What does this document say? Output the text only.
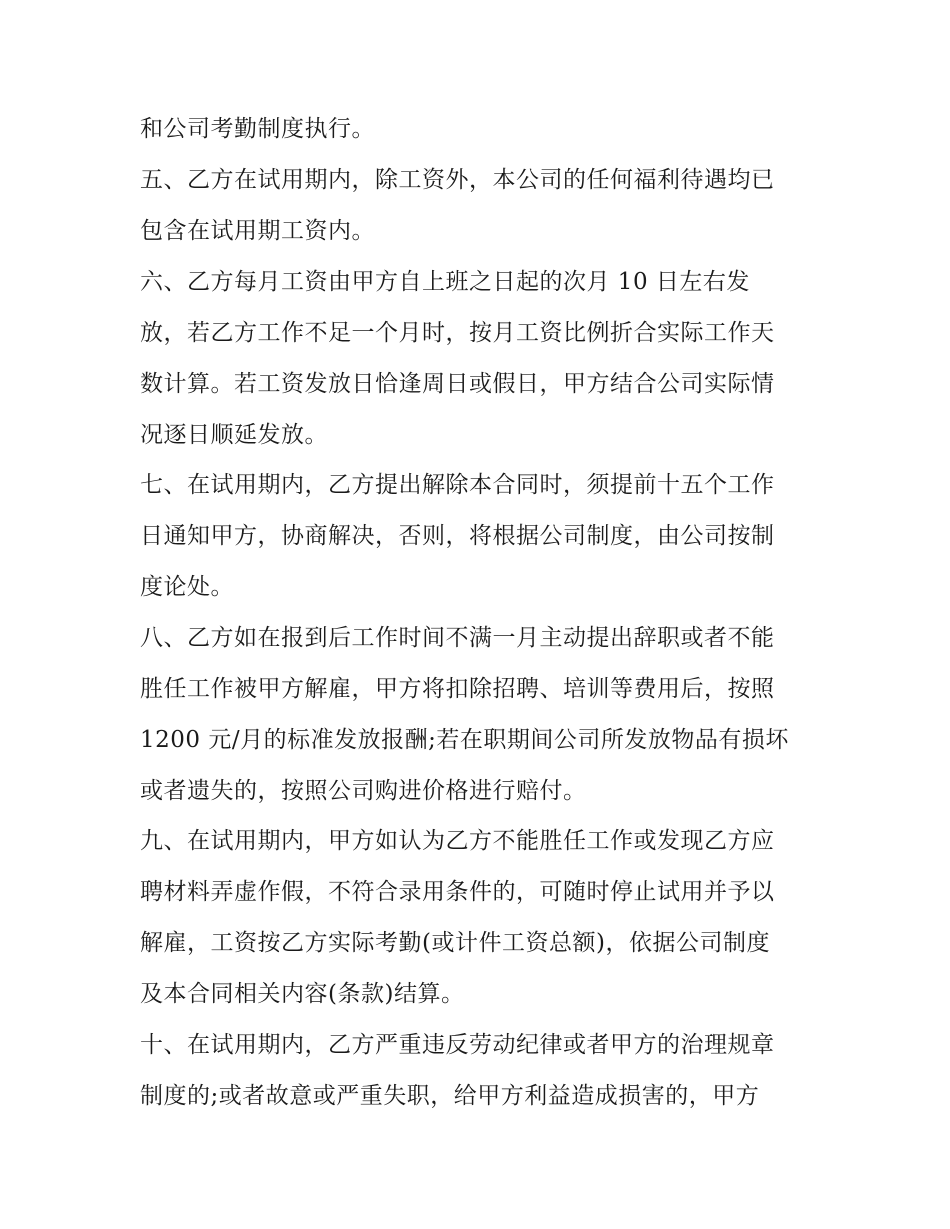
和公司考勤制度执行。

五、乙方在试用期内，除工资外，本公司的任何福利待遇均已

包含在试用期工资内。

六、乙方每月工资由甲方自上班之日起的次月 10 日左右发

放，若乙方工作不足一个月时，按月工资比例折合实际工作天

数计算。若工资发放日恰逢周日或假日，甲方结合公司实际情

况逐日顺延发放。

七、在试用期内，乙方提出解除本合同时，须提前十五个工作

日通知甲方，协商解决，否则，将根据公司制度，由公司按制

度论处。

八、乙方如在报到后工作时间不满一月主动提出辞职或者不能

胜任工作被甲方解雇，甲方将扣除招聘、培训等费用后，按照

1200 元/月的标准发放报酬;若在职期间公司所发放物品有损坏

或者遗失的，按照公司购进价格进行赔付。

九、在试用期内，甲方如认为乙方不能胜任工作或发现乙方应

聘材料弄虚作假，不符合录用条件的，可随时停止试用并予以

解雇，工资按乙方实际考勤(或计件工资总额)，依据公司制度

及本合同相关内容(条款)结算。

十、在试用期内，乙方严重违反劳动纪律或者甲方的治理规章

制度的;或者故意或严重失职，给甲方利益造成损害的，甲方
